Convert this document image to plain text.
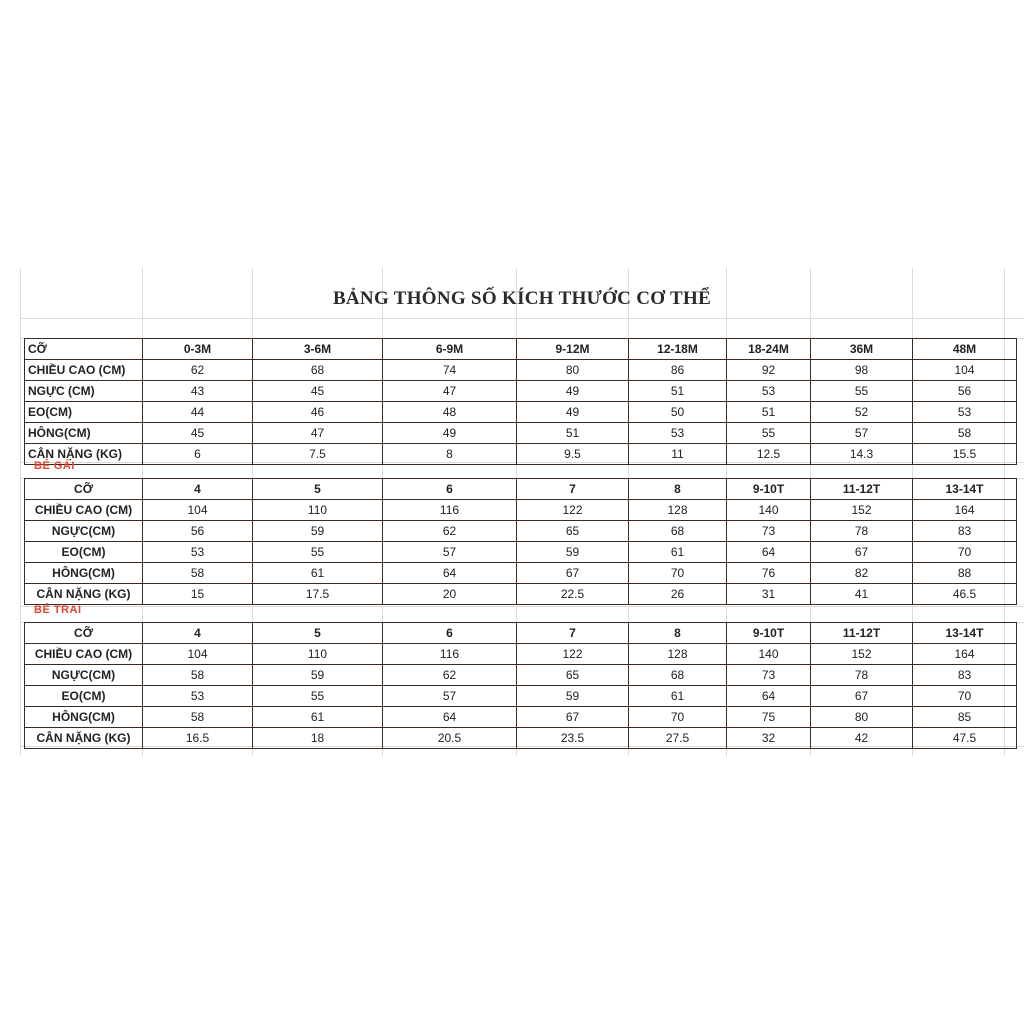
BẢNG THÔNG SỐ KÍCH THƯỚC CƠ THỂ
CỠ	0-3M	3-6M	6-9M	9-12M	12-18M	18-24M	36M	48M
CHIỀU CAO (CM)	62	68	74	80	86	92	98	104
NGỰC (CM)	43	45	47	49	51	53	55	56
EO(CM)	44	46	48	49	50	51	52	53
HÔNG(CM)	45	47	49	51	53	55	57	58
CÂN NẶNG (KG)	6	7.5	8	9.5	11	12.5	14.3	15.5
BÉ GÁI
CỠ	4	5	6	7	8	9-10T	11-12T	13-14T
CHIỀU CAO (CM)	104	110	116	122	128	140	152	164
NGỰC(CM)	56	59	62	65	68	73	78	83
EO(CM)	53	55	57	59	61	64	67	70
HÔNG(CM)	58	61	64	67	70	76	82	88
CÂN NẶNG (KG)	15	17.5	20	22.5	26	31	41	46.5
BÉ TRAI
CỠ	4	5	6	7	8	9-10T	11-12T	13-14T
CHIỀU CAO (CM)	104	110	116	122	128	140	152	164
NGỰC(CM)	58	59	62	65	68	73	78	83
EO(CM)	53	55	57	59	61	64	67	70
HÔNG(CM)	58	61	64	67	70	75	80	85
CÂN NẶNG (KG)	16.5	18	20.5	23.5	27.5	32	42	47.5
